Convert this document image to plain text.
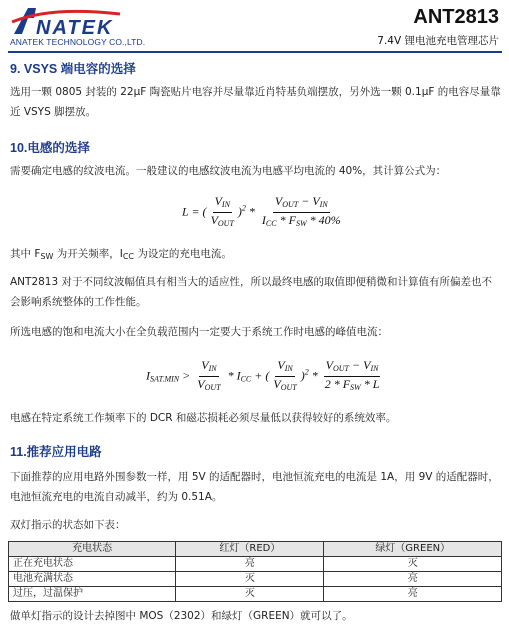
NATEK
ANATEK TECHNOLOGY CO.,LTD.
ANT2813
7.4V 锂电池充电管理芯片
9. VSYS 端电容的选择
选用一颗 0805 封装的 22μF 陶瓷贴片电容并尽量靠近肖特基负端摆放，另外选一颗 0.1μF 的电容尽量靠近 VSYS 脚摆放。
10.电感的选择
需要确定电感的纹波电流。一般建议的电感纹波电流为电感平均电流的 40%，其计算公式为：
L = ( $\frac{V_{IN}}{V_{OUT}} )^2 * \frac{V_{OUT} - V_{IN}}{I_{CC} * F_{SW} * 40\%}$
其中 $F_{SW}$ 为开关频率，$I_{CC}$ 为设定的充电电流。
ANT2813 对于不同纹波幅值具有相当大的适应性，所以最终电感的取值即便稍微和计算值有所偏差也不会影响系统整体的工作性能。
所选电感的饱和电流大小在全负载范围内一定要大于系统工作时电感的峰值电流：
$I_{SAT.MIN} > \frac{V_{IN}}{V_{OUT}} * I_{CC}$ + ( $\frac{V_{IN}}{V_{OUT}} )^2 * \frac{V_{OUT} - V_{IN}}{2 * F_{SW} * L}$
电感在特定系统工作频率下的 DCR 和磁芯损耗必须尽量低以获得较好的系统效率。
11.推荐应用电路
下面推荐的应用电路外围参数一样，用 5V 的适配器时，电池恒流充电的电流是 1A，用 9V 的适配器时，电池恒流充电的电流自动减半，约为 0.51A。
双灯指示的状态如下表：
充电状态	红灯（RED）	绿灯（GREEN）
正在充电状态	亮	灭
电池充满状态	灭	亮
过压，过温保护	灭	亮
做单灯指示的设计去掉图中 MOS（2302）和绿灯（GREEN）就可以了。
